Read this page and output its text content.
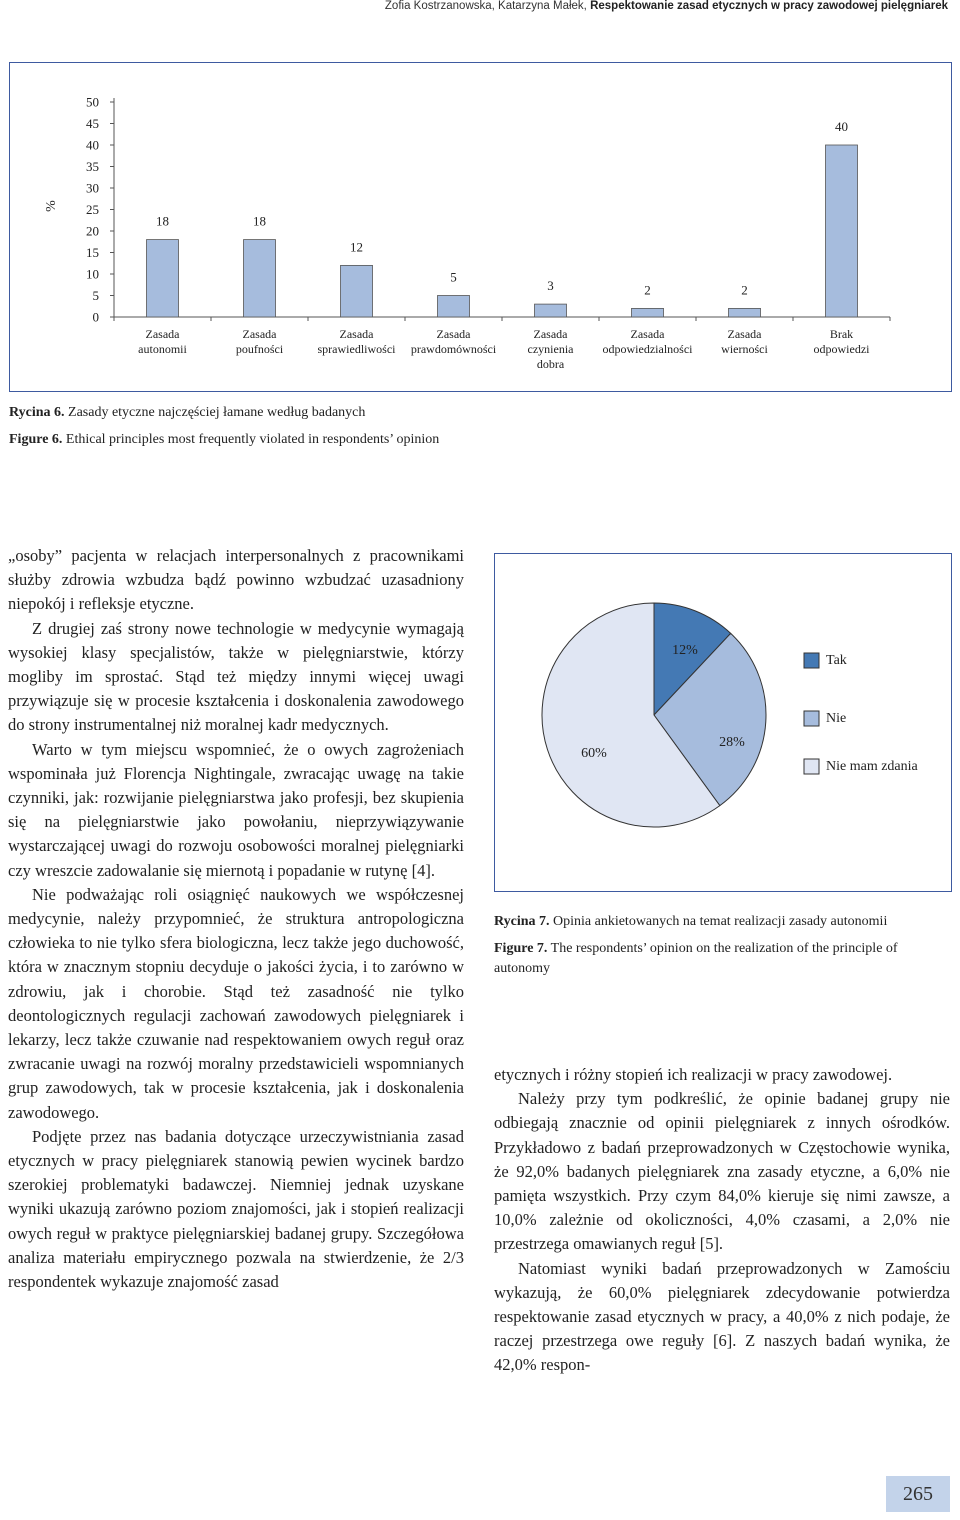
Zofia Kostrzanowska, Katarzyna Małek, Respektowanie zasad etycznych w pracy zawodowej pielęgniarek
50
45
40
35
30
25
20
15
10
5
0
%
18
Zasada
autonomii
18
Zasada
poufności
12
Zasada
sprawiedliwości
5
Zasada
prawdomówności
3
Zasada
czynienia
dobra
2
Zasada
odpowiedzialności
2
Zasada
wierności
40
Brak
odpowiedzi
Rycina 6. Zasady etyczne najczęściej łamane według badanych
Figure 6. Ethical principles most frequently violated in respondents’ opinion

„osoby” pacjenta w relacjach interpersonalnych z pracownikami służby zdrowia wzbudza bądź powinno wzbudzać uzasadniony niepokój i refleksje etyczne.

Z drugiej zaś strony nowe technologie w medycynie wymagają wysokiej klasy specjalistów, także w pielęgniarstwie, którzy mogliby im sprostać. Stąd też między innymi więcej uwagi przywiązuje się w procesie kształcenia i doskonalenia zawodowego do strony instrumentalnej niż moralnej kadr medycznych.

Warto w tym miejscu wspomnieć, że o owych zagrożeniach wspominała już Florencja Nightingale, zwracając uwagę na takie czynniki, jak: rozwijanie pielęgniarstwa jako profesji, bez skupienia się na pielęgniarstwie jako powołaniu, nieprzywiązywanie wystarczającej uwagi do rozwoju osobowości moralnej pielęgniarki czy wreszcie zadowalanie się miernotą i popadanie w rutynę [4].

Nie podważając roli osiągnięć naukowych we współczesnej medycynie, należy przypomnieć, że struktura antropologiczna człowieka to nie tylko sfera biologiczna, lecz także jego duchowość, która w znacznym stopniu decyduje o jakości życia, i to zarówno w zdrowiu, jak i chorobie. Stąd też zasadność nie tylko deontologicznych regulacji zachowań zawodowych pielęgniarek i lekarzy, lecz także czuwanie nad respektowaniem owych reguł oraz zwracanie uwagi na rozwój moralny przedstawicieli wspomnianych grup zawodowych, tak w procesie kształcenia, jak i doskonalenia zawodowego.

Podjęte przez nas badania dotyczące urzeczywistniania zasad etycznych w pracy pielęgniarek stanowią pewien wycinek bardzo szerokiej problematyki badawczej. Niemniej jednak uzyskane wyniki ukazują zarówno poziom znajomości, jak i stopień realizacji owych reguł w praktyce pielęgniarskiej badanej grupy. Szczegółowa analiza materiału empirycznego pozwala na stwierdzenie, że 2/3 respondentek wykazuje znajomość zasad

12%
28%
60%
Tak
Nie
Nie mam zdania
Rycina 7. Opinia ankietowanych na temat realizacji zasady autonomii
Figure 7. The respondents’ opinion on the realization of the principle of autonomy

etycznych i różny stopień ich realizacji w pracy zawodowej.

Należy przy tym podkreślić, że opinie badanej grupy nie odbiegają znacznie od opinii pielęgniarek z innych ośrodków. Przykładowo z badań przeprowadzonych w Częstochowie wynika, że 92,0% badanych pielęgniarek zna zasady etyczne, a 6,0% nie pamięta wszystkich. Przy czym 84,0% kieruje się nimi zawsze, a 10,0% zależnie od okoliczności, 4,0% czasami, a 2,0% nie przestrzega omawianych reguł [5].

Natomiast wyniki badań przeprowadzonych w Zamościu wykazują, że 60,0% pielęgniarek zdecydowanie potwierdza respektowanie zasad etycznych w pracy, a 40,0% z nich podaje, że raczej przestrzega owe reguły [6]. Z naszych badań wynika, że 42,0% respon-

265
